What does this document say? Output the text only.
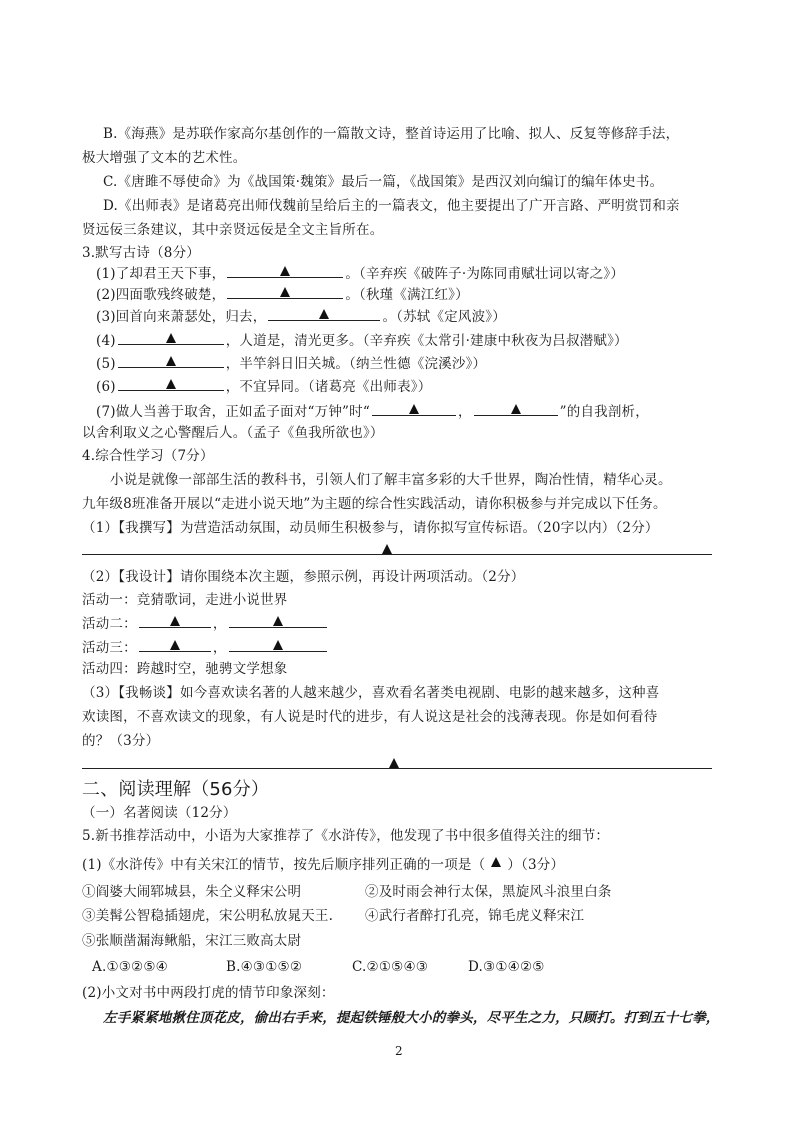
B.《海燕》是苏联作家高尔基创作的一篇散文诗，整首诗运用了比喻、拟人、反复等修辞手法，
极大增强了文本的艺术性。
C.《唐雎不辱使命》为《战国策·魏策》最后一篇，《战国策》是西汉刘向编订的编年体史书。
D.《出师表》是诸葛亮出师伐魏前呈给后主的一篇表文，他主要提出了广开言路、严明赏罚和亲
贤远佞三条建议，其中亲贤远佞是全文主旨所在。
3.默写古诗（8分）
(1)了却君王天下事，	。（辛弃疾《破阵子·为陈同甫赋壮词以寄之》）
(2)四面歌残终破楚，	。（秋瑾《满江红》）
(3)回首向来萧瑟处，归去，	。（苏轼《定风波》）
(4)	，人道是，清光更多。（辛弃疾《太常引·建康中秋夜为吕叔潜赋》）
(5)	，半竿斜日旧关城。（纳兰性德《浣溪沙》）
(6)	，不宜异同。（诸葛亮《出师表》）
(7)做人当善于取舍，正如孟子面对“万钟”时“	，	”的自我剖析，
以舍利取义之心警醒后人。（孟子《鱼我所欲也》）
4.综合性学习（7分）
小说是就像一部部生活的教科书，引领人们了解丰富多彩的大千世界，陶冶性情，精华心灵。
九年级8班准备开展以“走进小说天地”为主题的综合性实践活动，请你积极参与并完成以下任务。
（1）【我撰写】为营造活动氛围，动员师生积极参与，请你拟写宣传标语。（20字以内）（2分）
（2）【我设计】请你围绕本次主题，参照示例，再设计两项活动。（2分）
活动一：竞猜歌词，走进小说世界
活动二：	，
活动三：	，
活动四：跨越时空，驰骋文学想象
（3）【我畅谈】如今喜欢读名著的人越来越少，喜欢看名著类电视剧、电影的越来越多，这种喜
欢读图，不喜欢读文的现象，有人说是时代的进步，有人说这是社会的浅薄表现。你是如何看待
的？（3分）
二、阅读理解（56分）
（一）名著阅读（12分）
5.新书推荐活动中，小语为大家推荐了《水浒传》，他发现了书中很多值得关注的细节：
(1)《水浒传》中有关宋江的情节，按先后顺序排列正确的一项是（ ）（3分）
①阎婆大闹郓城县，朱仝义释宋公明	②及时雨会神行太保，黑旋风斗浪里白条
③美髯公智稳插翅虎，宋公明私放晁天王. ④武行者醉打孔亮，锦毛虎义释宋江
⑤张顺凿漏海鳅船，宋江三败高太尉
A.①③②⑤④	B.④③①⑤②	C.②①⑤④③	D.③①④②⑤
(2)小文对书中两段打虎的情节印象深刻：
左手紧紧地揪住顶花皮，偷出右手来，提起铁锤般大小的拳头，尽平生之力，只顾打。打到五十七拳，
2
